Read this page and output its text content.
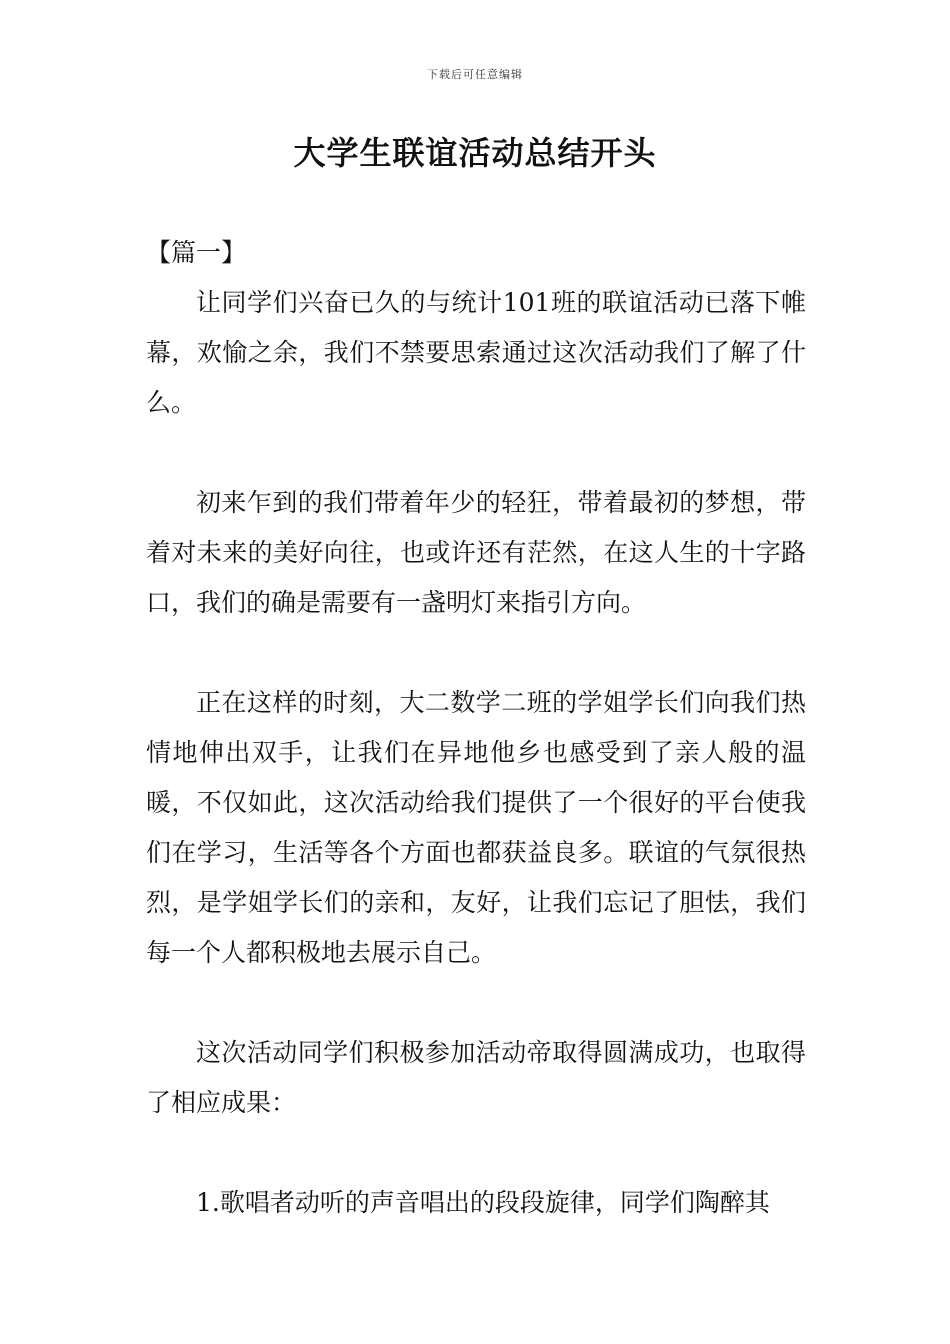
下载后可任意编辑
大学生联谊活动总结开头

【篇一】

让同学们兴奋已久的与统计101班的联谊活动已落下帷幕，欢愉之余，我们不禁要思索通过这次活动我们了解了什么。

初来乍到的我们带着年少的轻狂，带着最初的梦想，带着对未来的美好向往，也或许还有茫然，在这人生的十字路口，我们的确是需要有一盏明灯来指引方向。

正在这样的时刻，大二数学二班的学姐学长们向我们热情地伸出双手，让我们在异地他乡也感受到了亲人般的温暖，不仅如此，这次活动给我们提供了一个很好的平台使我们在学习，生活等各个方面也都获益良多。联谊的气氛很热烈，是学姐学长们的亲和，友好，让我们忘记了胆怯，我们每一个人都积极地去展示自己。

这次活动同学们积极参加活动帝取得圆满成功，也取得了相应成果：

1.歌唱者动听的声音唱出的段段旋律，同学们陶醉其
